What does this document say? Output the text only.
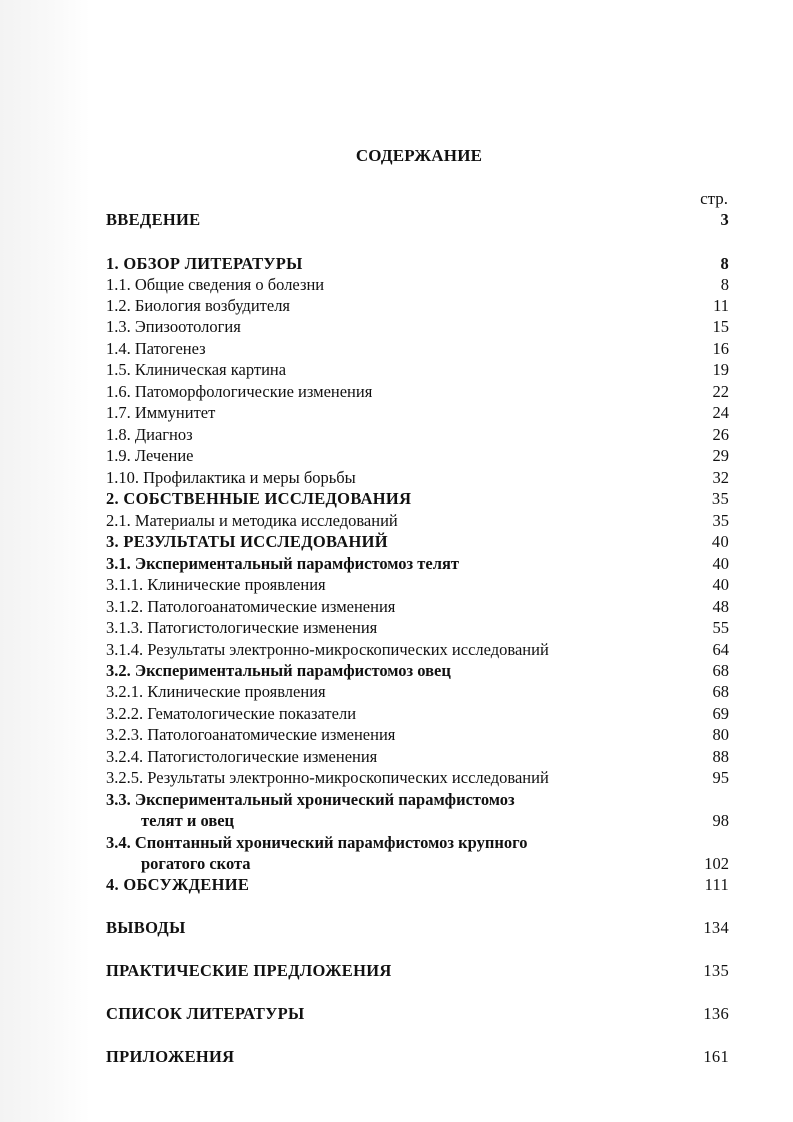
СОДЕРЖАНИЕ
стр.
ВВЕДЕНИЕ	3
1. ОБЗОР ЛИТЕРАТУРЫ	8
1.1. Общие сведения о болезни	8
1.2. Биология возбудителя	11
1.3. Эпизоотология	15
1.4. Патогенез	16
1.5. Клиническая картина	19
1.6. Патоморфологические изменения	22
1.7. Иммунитет	24
1.8. Диагноз	26
1.9. Лечение	29
1.10. Профилактика и меры борьбы	32
2. СОБСТВЕННЫЕ ИССЛЕДОВАНИЯ	35
2.1. Материалы и методика исследований	35
3. РЕЗУЛЬТАТЫ ИССЛЕДОВАНИЙ	40
3.1. Экспериментальный парамфистомоз телят	40
3.1.1. Клинические проявления	40
3.1.2. Патологоанатомические изменения	48
3.1.3. Патогистологические изменения	55
3.1.4. Результаты электронно-микроскопических исследований	64
3.2. Экспериментальный парамфистомоз овец	68
3.2.1. Клинические проявления	68
3.2.2. Гематологические показатели	69
3.2.3. Патологоанатомические изменения	80
3.2.4. Патогистологические изменения	88
3.2.5. Результаты электронно-микроскопических исследований	95
3.3. Экспериментальный хронический парамфистомоз
телят и овец	98
3.4. Спонтанный хронический парамфистомоз крупного
рогатого скота	102
4. ОБСУЖДЕНИЕ	111
ВЫВОДЫ	134
ПРАКТИЧЕСКИЕ ПРЕДЛОЖЕНИЯ	135
СПИСОК ЛИТЕРАТУРЫ	136
ПРИЛОЖЕНИЯ	161
